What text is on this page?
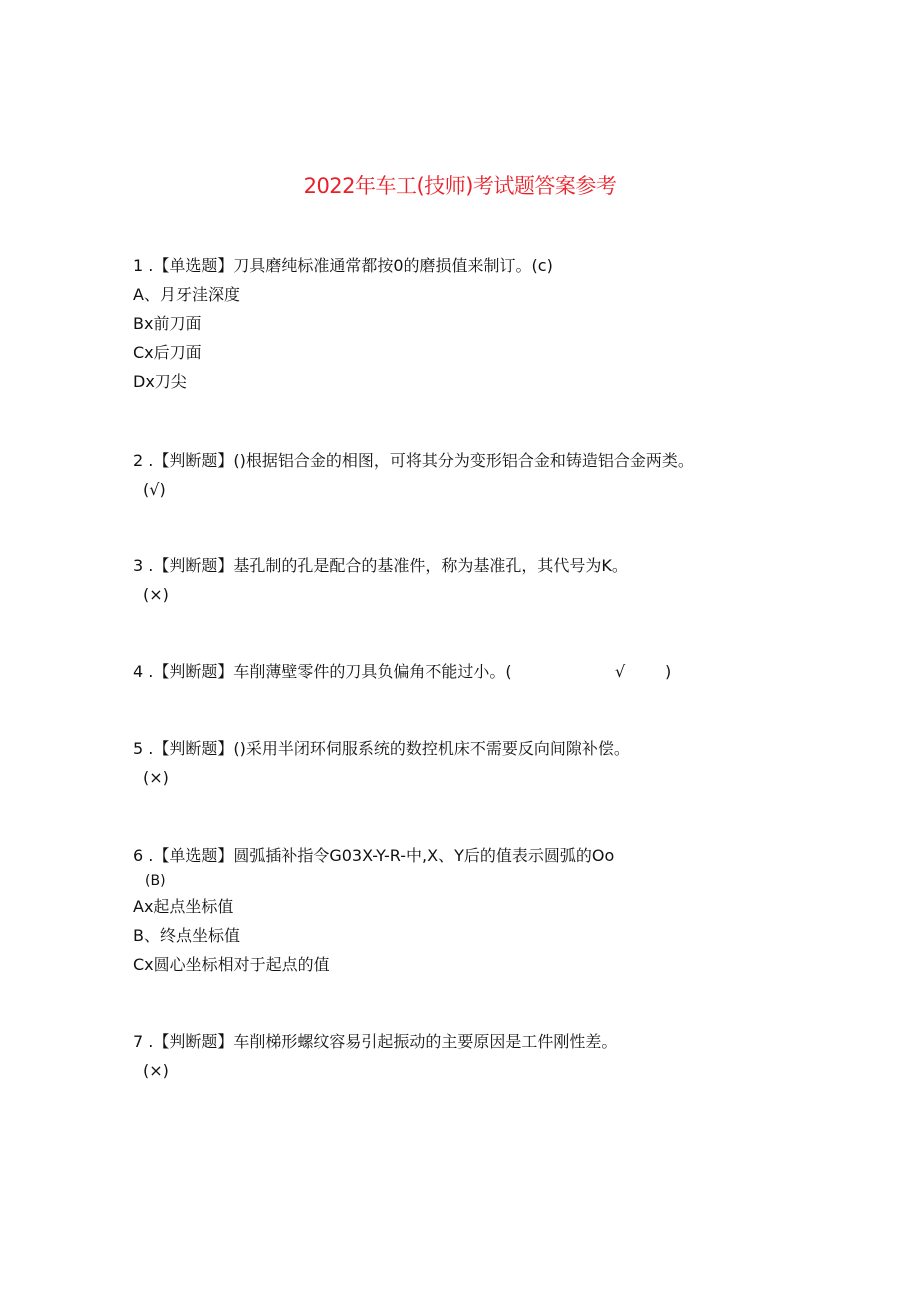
2022年车工(技师)考试题答案参考
1 .【单选题】刀具磨纯标准通常都按0的磨损值来制订。(c)
A、月牙洼深度
Bx前刀面
Cx后刀面
Dx刀尖
2 .【判断题】()根据铝合金的相图，可将其分为变形铝合金和铸造铝合金两类。
(√)
3 .【判断题】基孔制的孔是配合的基准件，称为基准孔，其代号为K。
(×)
4 .【判断题】车削薄壁零件的刀具负偏角不能过小。(	√ )
5 .【判断题】()采用半闭环伺服系统的数控机床不需要反向间隙补偿。
(×)
6 .【单选题】圆弧插补指令G03X-Y-R-中,X、Y后的值表示圆弧的Oo
(B)
Ax起点坐标值
B、终点坐标值
Cx圆心坐标相对于起点的值
7 .【判断题】车削梯形螺纹容易引起振动的主要原因是工件刚性差。
(×)
